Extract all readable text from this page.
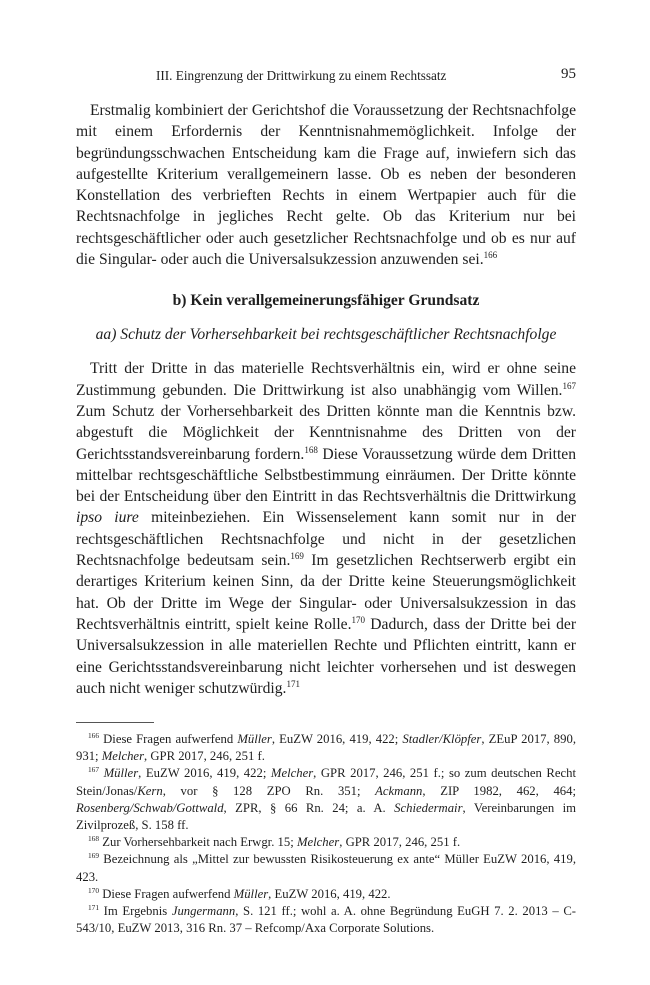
III. Eingrenzung der Drittwirkung zu einem Rechtssatz	95

Erstmalig kombiniert der Gerichtshof die Voraussetzung der Rechtsnachfolge mit einem Erfordernis der Kenntnisnahmemöglichkeit. Infolge der begründungsschwachen Entscheidung kam die Frage auf, inwiefern sich das aufgestellte Kriterium verallgemeinern lasse. Ob es neben der besonderen Konstellation des verbrieften Rechts in einem Wertpapier auch für die Rechtsnachfolge in jegliches Recht gelte. Ob das Kriterium nur bei rechtsgeschäftlicher oder auch gesetzlicher Rechtsnachfolge und ob es nur auf die Singular- oder auch die Universalsukzession anzuwenden sei.$^{166}$

b) Kein verallgemeinerungsfähiger Grundsatz
aa) Schutz der Vorhersehbarkeit bei rechtsgeschäftlicher Rechtsnachfolge

Tritt der Dritte in das materielle Rechtsverhältnis ein, wird er ohne seine Zustimmung gebunden. Die Drittwirkung ist also unabhängig vom Willen.$^{167}$ Zum Schutz der Vorhersehbarkeit des Dritten könnte man die Kenntnis bzw. abgestuft die Möglichkeit der Kenntnisnahme des Dritten von der Gerichtsstandsvereinbarung fordern.$^{168}$ Diese Voraussetzung würde dem Dritten mittelbar rechtsgeschäftliche Selbstbestimmung einräumen. Der Dritte könnte bei der Entscheidung über den Eintritt in das Rechtsverhältnis die Drittwirkung ipso iure miteinbeziehen. Ein Wissenselement kann somit nur in der rechtsgeschäftlichen Rechtsnachfolge und nicht in der gesetzlichen Rechtsnachfolge bedeutsam sein.$^{169}$ Im gesetzlichen Rechtserwerb ergibt ein derartiges Kriterium keinen Sinn, da der Dritte keine Steuerungsmöglichkeit hat. Ob der Dritte im Wege der Singular- oder Universalsukzession in das Rechtsverhältnis eintritt, spielt keine Rolle.$^{170}$ Dadurch, dass der Dritte bei der Universalsukzession in alle materiellen Rechte und Pflichten eintritt, kann er eine Gerichtsstandsvereinbarung nicht leichter vorhersehen und ist deswegen auch nicht weniger schutzwürdig.$^{171}$

$^{166}$ Diese Fragen aufwerfend Müller, EuZW 2016, 419, 422; Stadler/Klöpfer, ZEuP 2017, 890, 931; Melcher, GPR 2017, 246, 251 f.

$^{167}$ Müller, EuZW 2016, 419, 422; Melcher, GPR 2017, 246, 251 f.; so zum deutschen Recht Stein/Jonas/Kern, vor § 128 ZPO Rn. 351; Ackmann, ZIP 1982, 462, 464; Rosenberg/Schwab/Gottwald, ZPR, § 66 Rn. 24; a. A. Schiedermair, Vereinbarungen im Zivilprozeß, S. 158 ff.

$^{168}$ Zur Vorhersehbarkeit nach Erwgr. 15; Melcher, GPR 2017, 246, 251 f.

$^{169}$ Bezeichnung als „Mittel zur bewussten Risikosteuerung ex ante“ Müller EuZW 2016, 419, 423.

$^{170}$ Diese Fragen aufwerfend Müller, EuZW 2016, 419, 422.

$^{171}$ Im Ergebnis Jungermann, S. 121 ff.; wohl a. A. ohne Begründung EuGH 7. 2. 2013 – C-543/10, EuZW 2013, 316 Rn. 37 – Refcomp/Axa Corporate Solutions.
